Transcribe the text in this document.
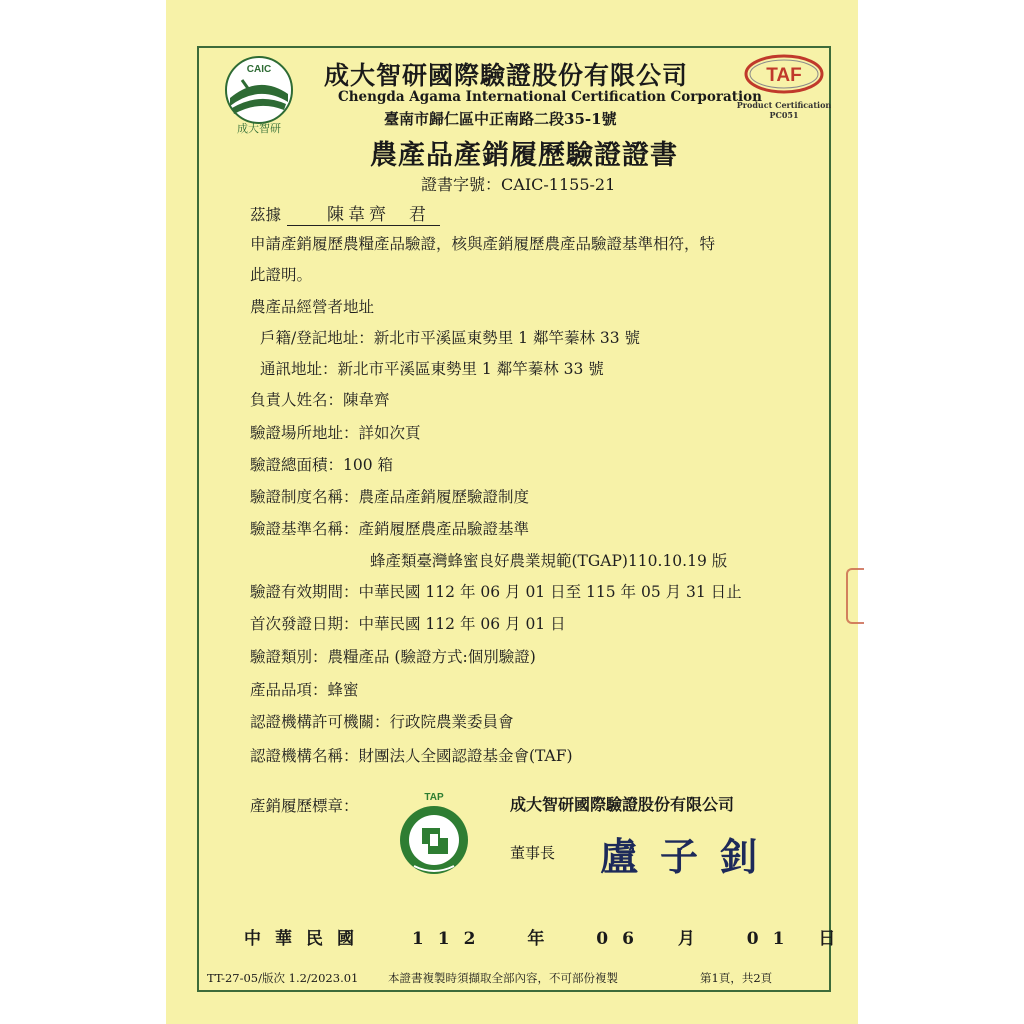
CAIC
成大智研
成大智研國際驗證股份有限公司
Chengda Agama International Certification Corporation
臺南市歸仁區中正南路二段35-1號
TAF
Product Certification
PC051
農產品產銷履歷驗證證書
證書字號：CAIC-1155-21
茲據	陳韋齊 君
申請產銷履歷農糧產品驗證，核與產銷履歷農產品驗證基準相符，特
此證明。
農產品經營者地址
戶籍/登記地址：新北市平溪區東勢里 1 鄰竿蓁林 33 號
通訊地址：新北市平溪區東勢里 1 鄰竿蓁林 33 號
負責人姓名：陳韋齊
驗證場所地址：詳如次頁
驗證總面積：100 箱
驗證制度名稱：農產品產銷履歷驗證制度
驗證基準名稱：產銷履歷農產品驗證基準
蜂產類臺灣蜂蜜良好農業規範(TGAP)110.10.19 版
驗證有效期間：中華民國 112 年 06 月 01 日至 115 年 05 月 31 日止
首次發證日期：中華民國 112 年 06 月 01 日
驗證類別：農糧產品 (驗證方式:個別驗證)
產品品項：蜂蜜
認證機構許可機關：行政院農業委員會
認證機構名稱：財團法人全國認證基金會(TAF)
產銷履歷標章：	TAP	成大智研國際驗證股份有限公司
董事長 盧子釗
中華民國	112 年 06 月 01 日
TT-27-05/版次 1.2/2023.01	本證書複製時須擷取全部內容，不可部份複製	第1頁，共2頁
